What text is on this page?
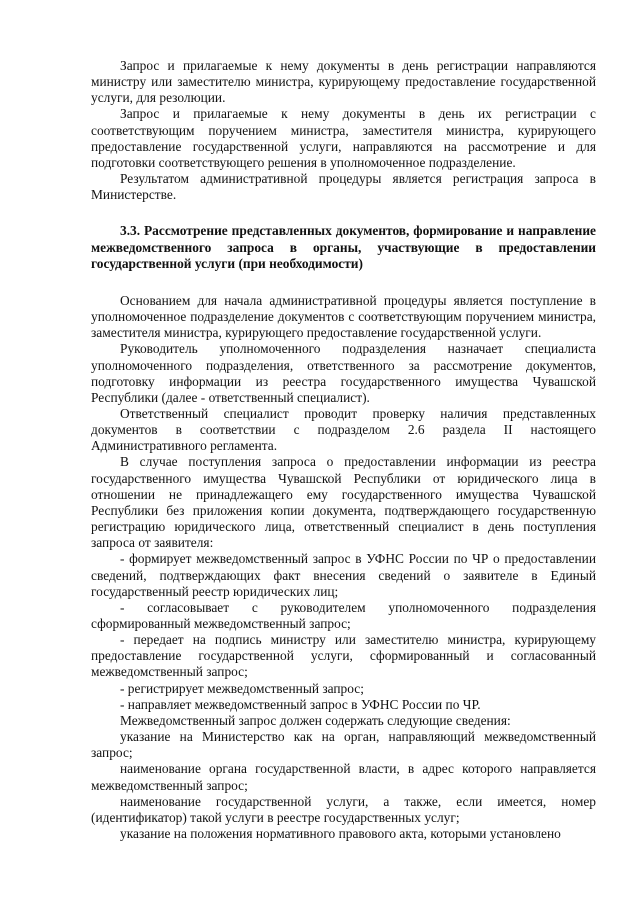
Запрос и прилагаемые к нему документы в день регистрации направляются министру или заместителю министра, курирующему предоставление государственной услуги, для резолюции.

Запрос и прилагаемые к нему документы в день их регистрации с соответствующим поручением министра, заместителя министра, курирующего предоставление государственной услуги, направляются на рассмотрение и для подготовки соответствующего решения в уполномоченное подразделение.

Результатом административной процедуры является регистрация запроса в Министерстве.

3.3. Рассмотрение представленных документов, формирование и направление межведомственного запроса в органы, участвующие в предоставлении государственной услуги (при необходимости)

Основанием для начала административной процедуры является поступление в уполномоченное подразделение документов с соответствующим поручением министра, заместителя министра, курирующего предоставление государственной услуги.

Руководитель уполномоченного подразделения назначает специалиста уполномоченного подразделения, ответственного за рассмотрение документов, подготовку информации из реестра государственного имущества Чувашской Республики (далее - ответственный специалист).

Ответственный специалист проводит проверку наличия представленных документов в соответствии с подразделом 2.6 раздела II настоящего Административного регламента.

В случае поступления запроса о предоставлении информации из реестра государственного имущества Чувашской Республики от юридического лица в отношении не принадлежащего ему государственного имущества Чувашской Республики без приложения копии документа, подтверждающего государственную регистрацию юридического лица, ответственный специалист в день поступления запроса от заявителя:

- формирует межведомственный запрос в УФНС России по ЧР о предоставлении сведений, подтверждающих факт внесения сведений о заявителе в Единый государственный реестр юридических лиц;

- согласовывает с руководителем уполномоченного подразделения сформированный межведомственный запрос;

- передает на подпись министру или заместителю министра, курирующему предоставление государственной услуги, сформированный и согласованный межведомственный запрос;

- регистрирует межведомственный запрос;

- направляет межведомственный запрос в УФНС России по ЧР.

Межведомственный запрос должен содержать следующие сведения:

указание на Министерство как на орган, направляющий межведомственный запрос;

наименование органа государственной власти, в адрес которого направляется межведомственный запрос;

наименование государственной услуги, а также, если имеется, номер (идентификатор) такой услуги в реестре государственных услуг;

указание на положения нормативного правового акта, которыми установлено
